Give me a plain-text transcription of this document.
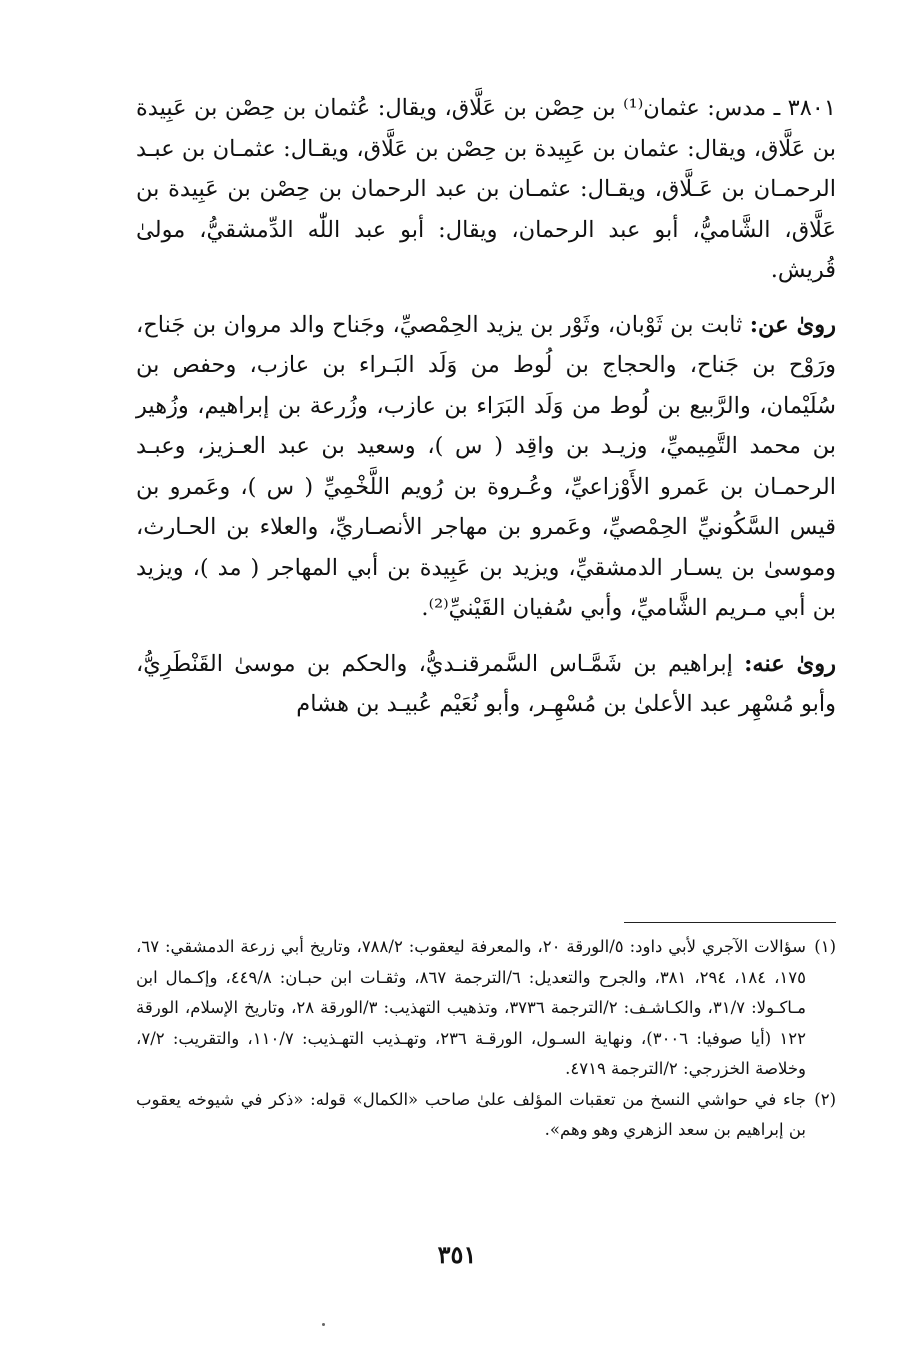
٣٨٠١ ـ مدس: عثمان⁽¹⁾ بن حِصْن بن عَلَّاق، ويقال: عُثمان بن حِصْن بن عَبِيدة بن عَلَّاق، ويقال: عثمان بن عَبِيدة بن حِصْن بن عَلَّاق، ويقـال: عثمـان بن عبـد الرحمـان بن عَـلَّاق، ويقـال: عثمـان بن عبد الرحمان بن حِصْن بن عَبِيدة بن عَلَّاق، الشَّاميُّ، أبو عبد الرحمان، ويقال: أبو عبد اللّٰه الدِّمشقيُّ، مولىٰ قُريش.

روىٰ عن: ثابت بن ثَوْبان، وثَوْر بن يزيد الحِمْصيِّ، وجَناح والد مروان بن جَناح، ورَوْح بن جَناح، والحجاج بن لُوط من وَلَد البَـراء بن عازب، وحفص بن سُلَيْمان، والرَّبيع بن لُوط من وَلَد البَرَاء بن عازب، وزُرعة بن إبراهيم، وزُهير بن محمد التَّمِيميِّ، وزيـد بن واقِد ( س )، وسعيد بن عبد العـزيز، وعبـد الرحمـان بن عَمرو الأَوْزاعيِّ، وعُـروة بن رُويم اللَّخْمِيِّ ( س )، وعَمرو بن قيس السَّكُونيِّ الحِمْصيِّ، وعَمرو بن مهاجر الأنصـاريِّ، والعلاء بن الحـارث، وموسىٰ بن يسـار الدمشقيِّ، ويزيد بن عَبِيدة بن أبي المهاجر ( مد )، ويزيد بن أبي مـريم الشَّاميِّ، وأبي سُفيان القَيْنيِّ⁽²⁾.

روىٰ عنه: إبراهيم بن شَمَّـاس السَّمرقنـديُّ، والحكم بن موسىٰ القَنْطَرِيُّ، وأبو مُسْهِر عبد الأعلىٰ بن مُسْهِـر، وأبو نُعَيْم عُبيـد بن هشام

(١)
سؤالات الآجري لأبي داود: ٥/الورقة ٢٠، والمعرفة ليعقوب: ٧٨٨/٢، وتاريخ أبي زرعة الدمشقي: ٦٧، ١٧٥، ١٨٤، ٢٩٤، ٣٨١، والجرح والتعديل: ٦/الترجمة ٨٦٧، وثقـات ابن حبـان: ٤٤٩/٨، وإكـمال ابن مـاكـولا: ٣١/٧، والكـاشـف: ٢/الترجمة ٣٧٣٦، وتذهيب التهذيب: ٣/الورقة ٢٨، وتاريخ الإسلام، الورقة ١٢٢ (أيا صوفيا: ٣٠٠٦)، ونهاية السـول، الورقـة ٢٣٦، وتهـذيب التهـذيب: ١١٠/٧، والتقريب: ٧/٢، وخلاصة الخزرجي: ٢/الترجمة ٤٧١٩.

(٢)
جاء في حواشي النسخ من تعقبات المؤلف علىٰ صاحب «الكمال» قوله: «ذكر في شيوخه يعقوب بن إبراهيم بن سعد الزهري وهو وهم».

٣٥١
